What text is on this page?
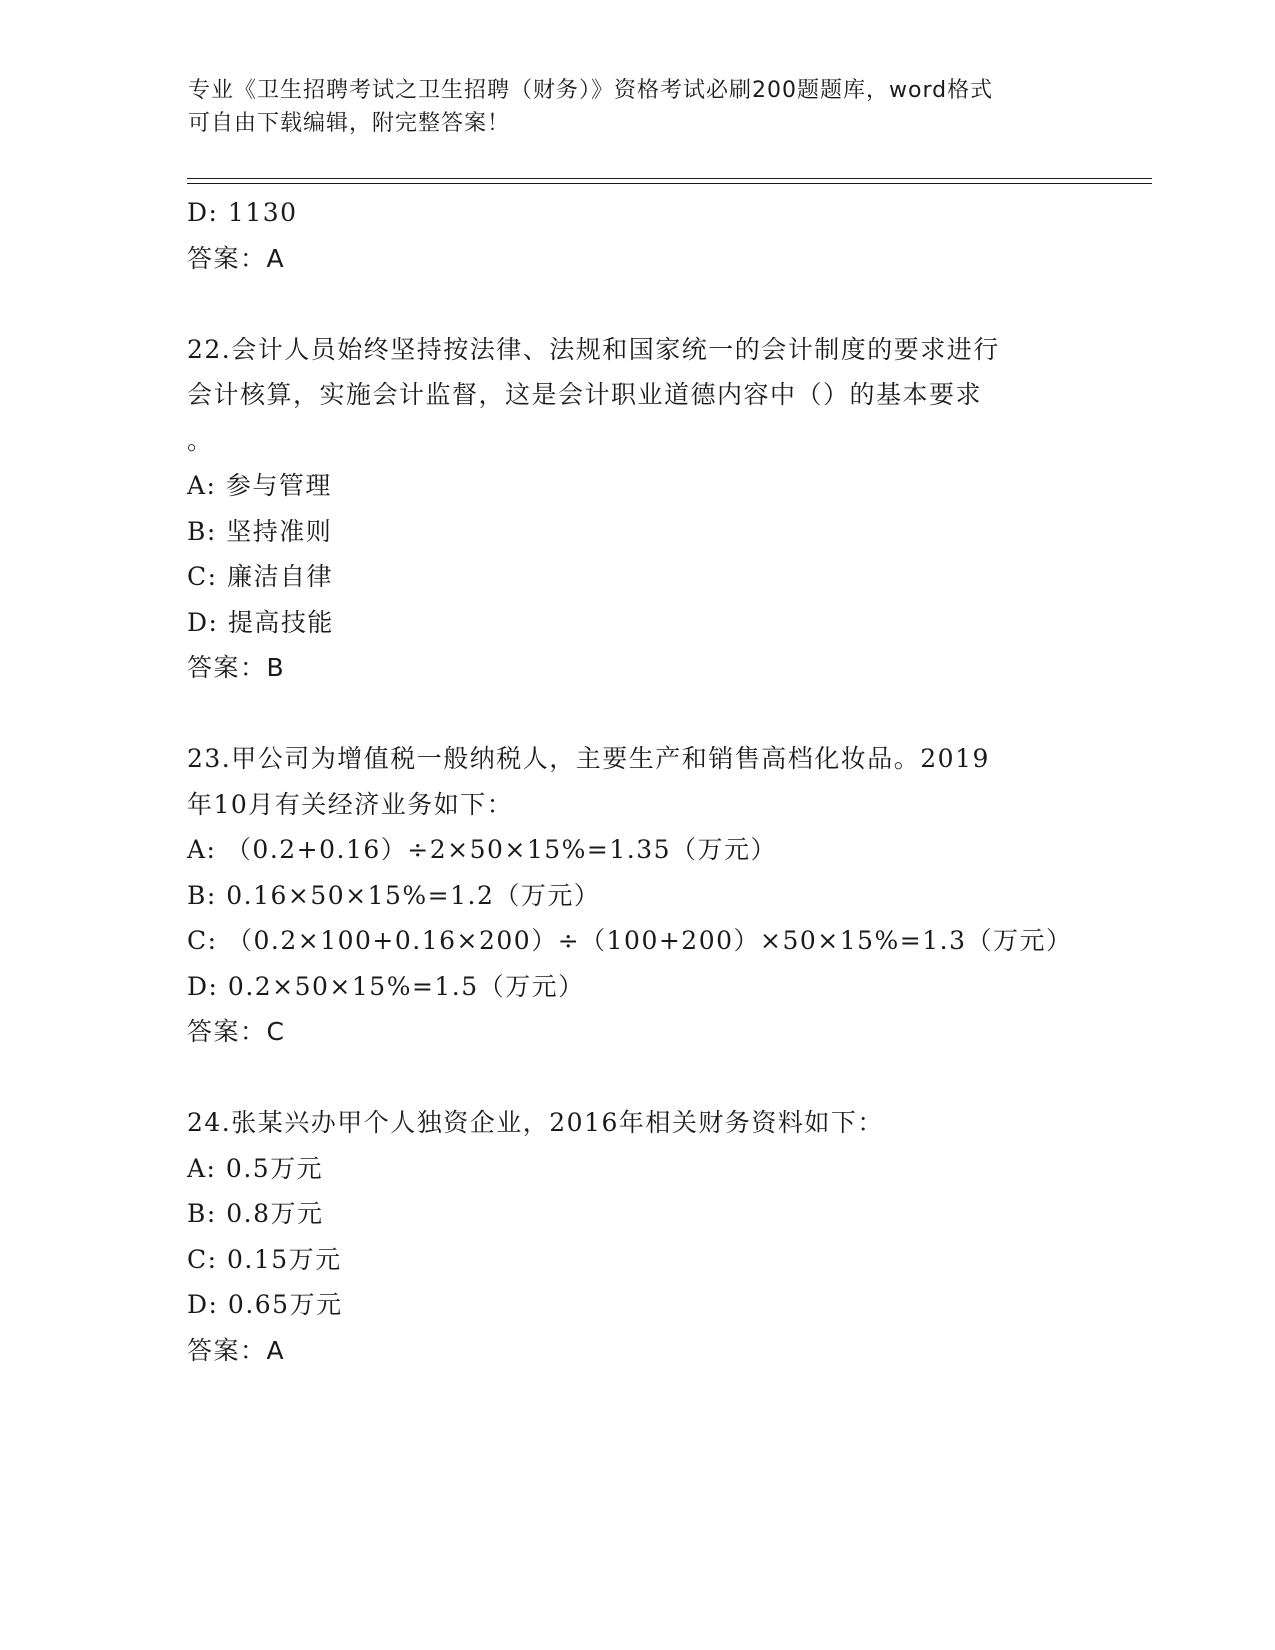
专业《卫生招聘考试之卫生招聘（财务）》资格考试必刷200题题库，word格式
可自由下载编辑，附完整答案！
D: 1130
答案：A
22.会计人员始终坚持按法律、法规和国家统一的会计制度的要求进行
会计核算，实施会计监督，这是会计职业道德内容中（）的基本要求
。
A: 参与管理
B: 坚持准则
C: 廉洁自律
D: 提高技能
答案：B
23.甲公司为增值税一般纳税人，主要生产和销售高档化妆品。2019
年10月有关经济业务如下：
A: （0.2+0.16）÷2×50×15%=1.35（万元）
B: 0.16×50×15%=1.2（万元）
C: （0.2×100+0.16×200）÷（100+200）×50×15%=1.3（万元）
D: 0.2×50×15%=1.5（万元）
答案：C
24.张某兴办甲个人独资企业，2016年相关财务资料如下：
A: 0.5万元
B: 0.8万元
C: 0.15万元
D: 0.65万元
答案：A
